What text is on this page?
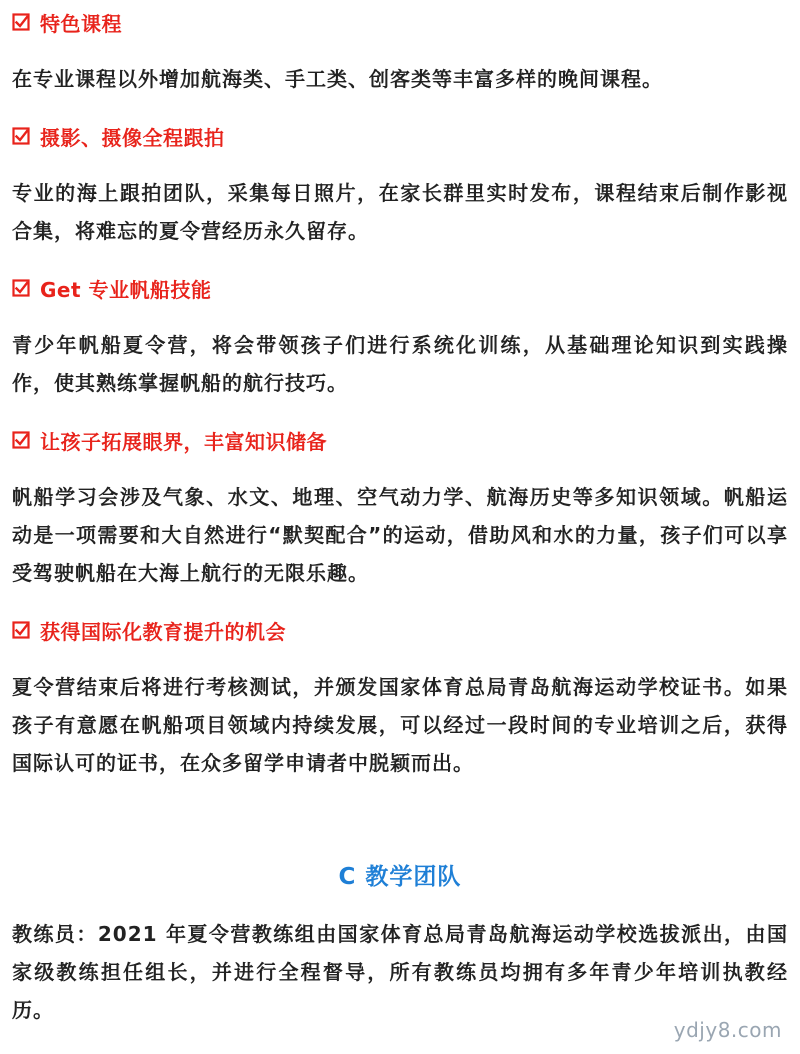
特色课程

在专业课程以外增加航海类、手工类、创客类等丰富多样的晚间课程。

摄影、摄像全程跟拍

专业的海上跟拍团队，采集每日照片，在家长群里实时发布，课程结束后制作影视合集，将难忘的夏令营经历永久留存。

Get 专业帆船技能

青少年帆船夏令营，将会带领孩子们进行系统化训练，从基础理论知识到实践操作，使其熟练掌握帆船的航行技巧。

让孩子拓展眼界，丰富知识储备

帆船学习会涉及气象、水文、地理、空气动力学、航海历史等多知识领域。帆船运动是一项需要和大自然进行“默契配合”的运动，借助风和水的力量，孩子们可以享受驾驶帆船在大海上航行的无限乐趣。

获得国际化教育提升的机会

夏令营结束后将进行考核测试，并颁发国家体育总局青岛航海运动学校证书。如果孩子有意愿在帆船项目领域内持续发展，可以经过一段时间的专业培训之后，获得国际认可的证书，在众多留学申请者中脱颖而出。

C 教学团队

教练员：2021 年夏令营教练组由国家体育总局青岛航海运动学校选拔派出，由国家级教练担任组长，并进行全程督导，所有教练员均拥有多年青少年培训执教经历。

ydjy8.com
